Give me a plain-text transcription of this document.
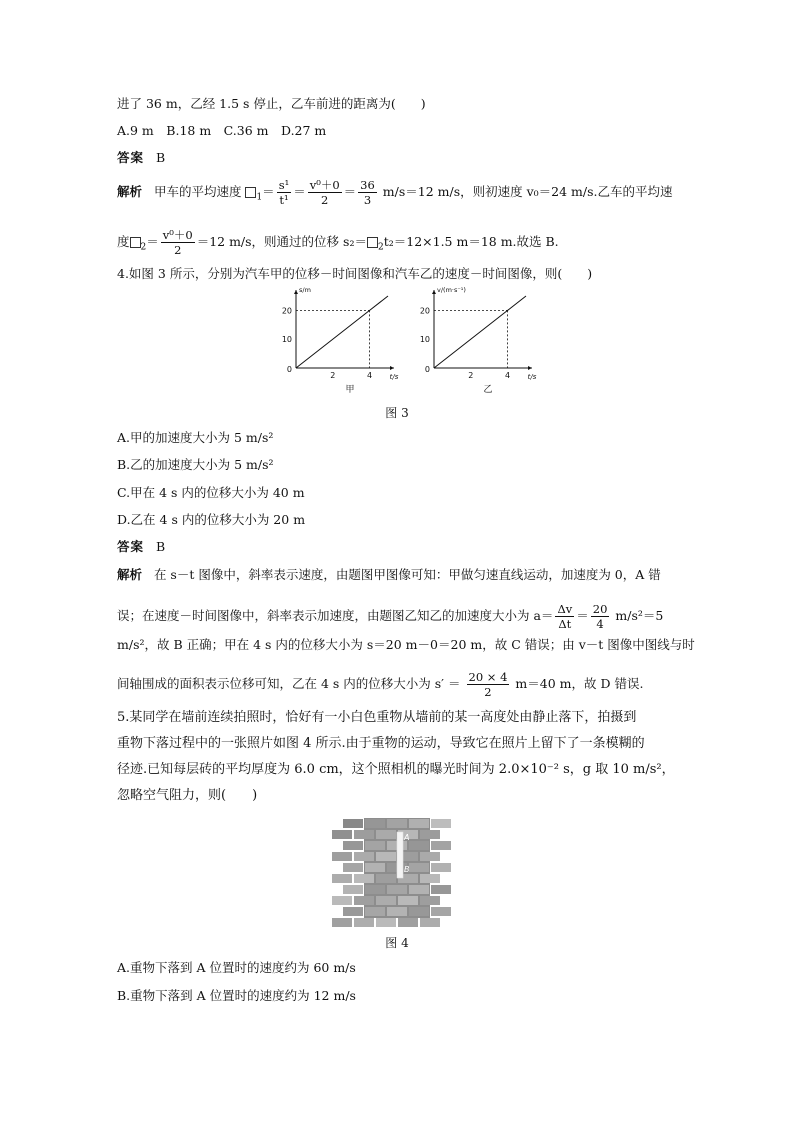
进了 36 m，乙经 1.5 s 停止，乙车前进的距离为(　　)
A.9 m　B.18 m　C.36 m　D.27 m
答案 B
解析 甲车的平均速度 $_1= \frac{\text{s¹}}{\text{t¹}} = \frac{\text{v⁰＋0}}{2} = \frac{36}{3} m/s=12$ m/s，则初速度 v₀＝24 m/s.乙车的平均速
度 $_2= \frac{\text{v⁰＋0}}{2} =12$ m/s，则通过的位移 s₂＝ $_2$t₂＝12×1.5 m＝18 m.故选 B.
4.如图 3 所示，分别为汽车甲的位移－时间图像和汽车乙的速度－时间图像，则(　　)
10
20
0
2	4 t/s
s/m
甲
10
20
0
2	4 t/s
v/(m·s⁻¹)
乙
图 3
A.甲的加速度大小为 5 m/s²
B.乙的加速度大小为 5 m/s²
C.甲在 4 s 内的位移大小为 40 m
D.乙在 4 s 内的位移大小为 20 m
答案 B
解析 在 s－t 图像中，斜率表示速度，由题图甲图像可知：甲做匀速直线运动，加速度为 0，A 错
误；在速度－时间图像中，斜率表示加速度，由题图乙知乙的加速度大小为 $a= \frac{\Delta v}{\Delta t} = \frac{20}{4} m/s^2=5$
m/s²，故 B 正确；甲在 4 s 内的位移大小为 s＝20 m－0＝20 m，故 C 错误；由 v－t 图像中图线与时
间轴围成的面积表示位移可知，乙在 4 s 内的位移大小为 $s' = \frac{20 \times 4}{2} m=40$ m，故 D 错误.
5.某同学在墙前连续拍照时，恰好有一小白色重物从墙前的某一高度处由静止落下，拍摄到
重物下落过程中的一张照片如图 4 所示.由于重物的运动，导致它在照片上留下了一条模糊的
径迹.已知每层砖的平均厚度为 6.0 cm，这个照相机的曝光时间为 2.0×10⁻² s，g 取 10 m/s²，
忽略空气阻力，则(　　)
A
B
图 4
A.重物下落到 A 位置时的速度约为 60 m/s
B.重物下落到 A 位置时的速度约为 12 m/s
